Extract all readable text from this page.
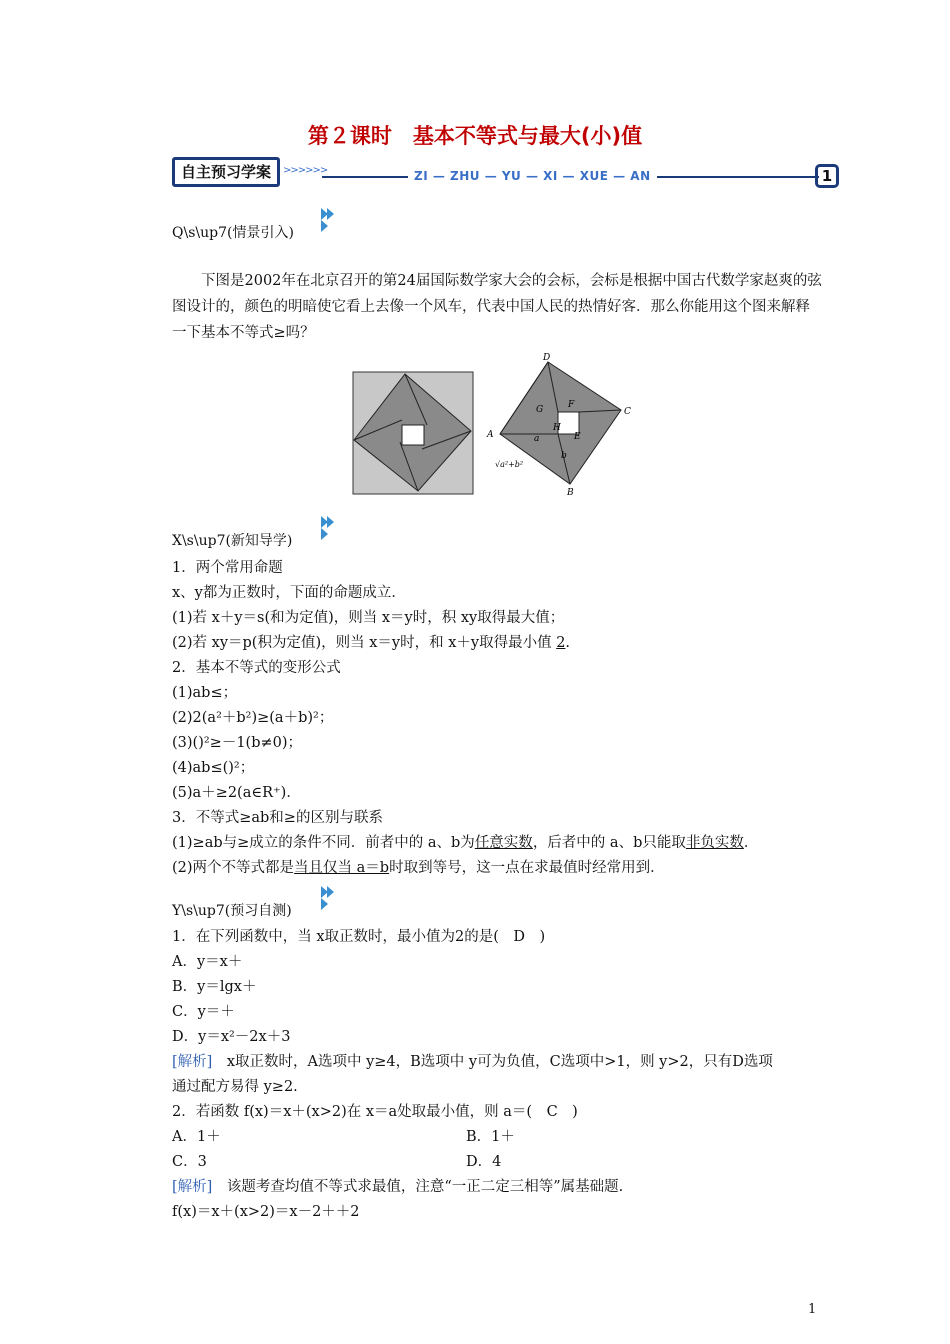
第２课时　基本不等式与最大(小)值
自主预习学案	>>>>>>	ZI — ZHU — YU — XI — XUE — AN	1
Q\s\up7(情景引入)
下图是2002年在北京召开的第24届国际数学家大会的会标，会标是根据中国古代数学家赵爽的弦图设计的，颜色的明暗使它看上去像一个风车，代表中国人民的热情好客．那么你能用这个图来解释一下基本不等式≥吗？
D
C
A
B
G	F
H
E
a
b
√a²+b²
X\s\up7(新知导学)
1．两个常用命题
x、y都为正数时，下面的命题成立．
(1)若 x＋y＝s(和为定值)，则当 x＝y时，积 xy取得最大值；
(2)若 xy＝p(积为定值)，则当 x＝y时，和 x＋y取得最小值 2.
2．基本不等式的变形公式
(1)ab≤；
(2)2(a²＋b²)≥(a＋b)²；
(3)()²≥－1(b≠0)；
(4)ab≤()²；
(5)a＋≥2(a∈R⁺)．
3．不等式≥ab和≥的区别与联系
(1)≥ab与≥成立的条件不同．前者中的 a、b为任意实数，后者中的 a、b只能取非负实数．
(2)两个不等式都是当且仅当 a＝b时取到等号，这一点在求最值时经常用到．
Y\s\up7(预习自测)
1．在下列函数中，当 x取正数时，最小值为2的是(　D　)
A．y＝x＋
B．y＝lgx＋
C．y＝＋
D．y＝x²－2x＋3
[解析]　x取正数时，A选项中 y≥4，B选项中 y可为负值，C选项中>1，则 y>2，只有D选项
通过配方易得 y≥2.
2．若函数 f(x)＝x＋(x>2)在 x＝a处取最小值，则 a＝(　C　)
A．1＋	B．1＋
C．3	D．4
[解析]　该题考查均值不等式求最值，注意“一正二定三相等”属基础题.
f(x)＝x＋(x>2)＝x－2＋＋2
1
